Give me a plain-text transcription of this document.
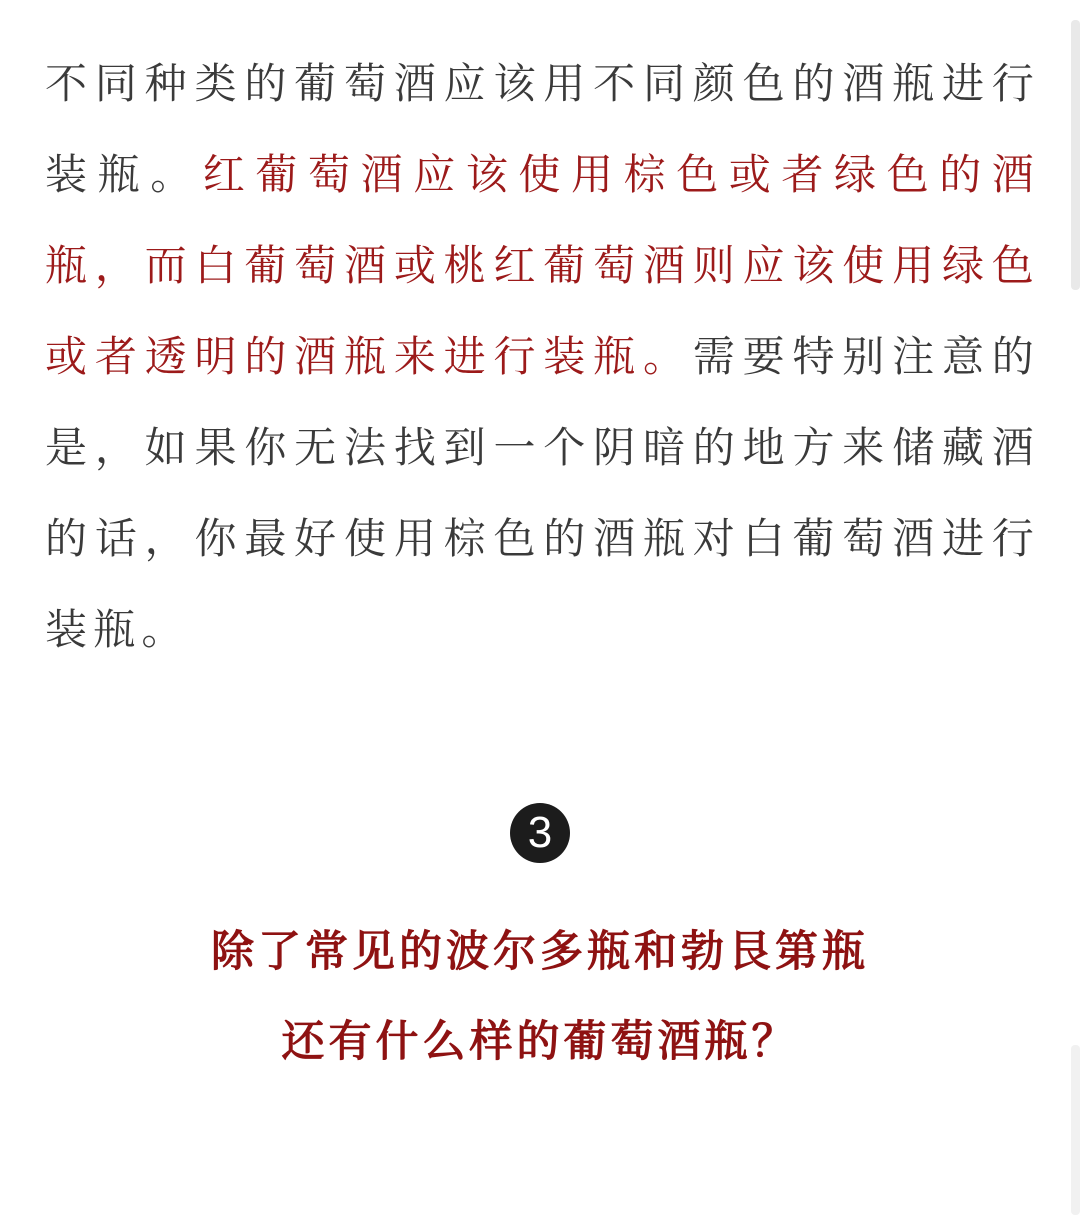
不同种类的葡萄酒应该用不同颜色的酒瓶进行装瓶。红葡萄酒应该使用棕色或者绿色的酒瓶，而白葡萄酒或桃红葡萄酒则应该使用绿色或者透明的酒瓶来进行装瓶。需要特别注意的是，如果你无法找到一个阴暗的地方来储藏酒的话，你最好使用棕色的酒瓶对白葡萄酒进行装瓶。

3
除了常见的波尔多瓶和勃艮第瓶
还有什么样的葡萄酒瓶？
